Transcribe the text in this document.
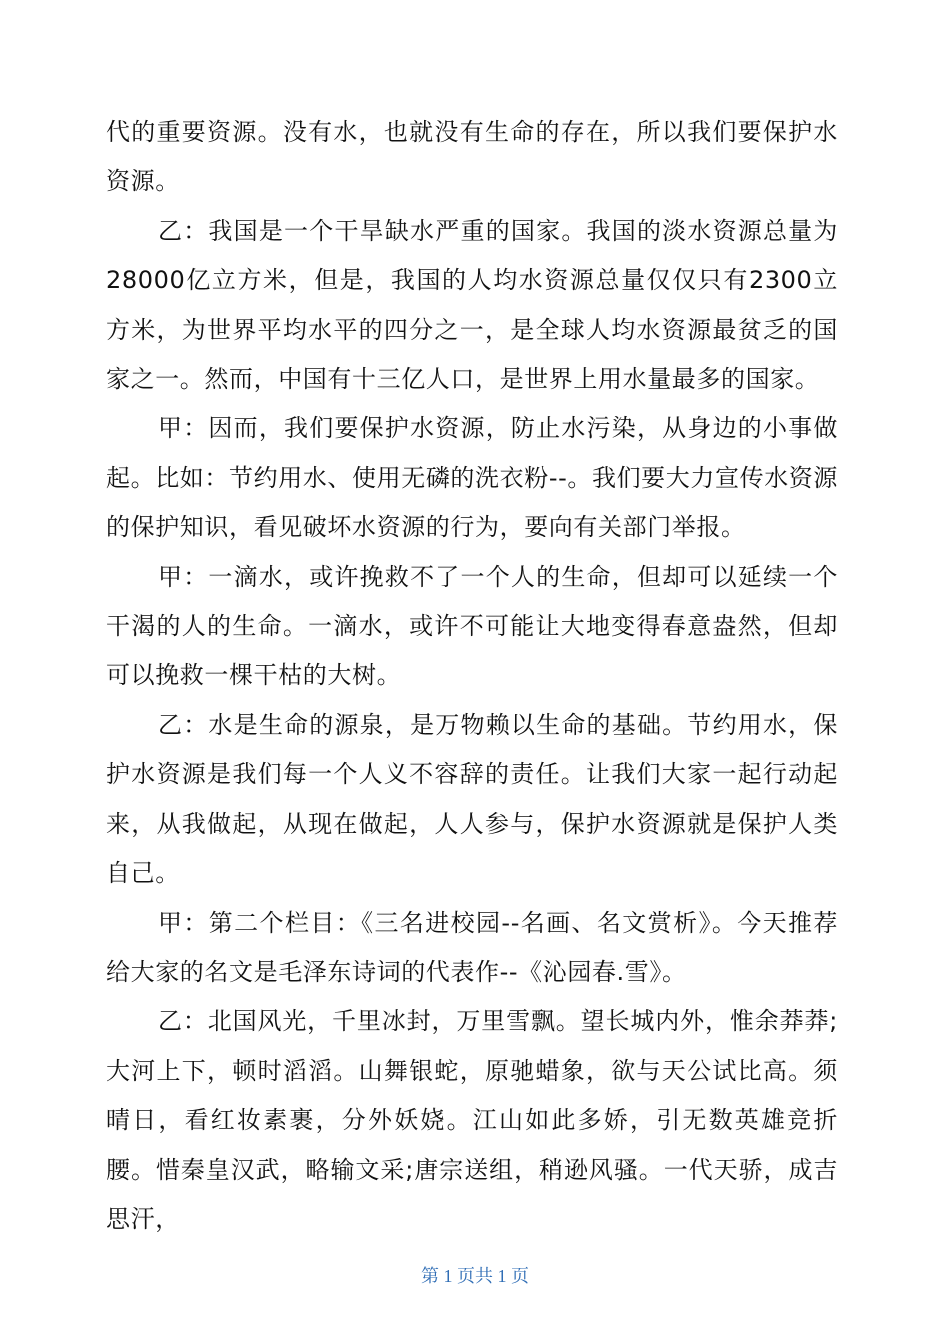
代的重要资源。没有水，也就没有生命的存在，所以我们要保护水资源。

乙：我国是一个干旱缺水严重的国家。我国的淡水资源总量为28000亿立方米，但是，我国的人均水资源总量仅仅只有2300立方米，为世界平均水平的四分之一，是全球人均水资源最贫乏的国家之一。然而，中国有十三亿人口，是世界上用水量最多的国家。

甲：因而，我们要保护水资源，防止水污染，从身边的小事做起。比如：节约用水、使用无磷的洗衣粉--。我们要大力宣传水资源的保护知识，看见破坏水资源的行为，要向有关部门举报。

甲：一滴水，或许挽救不了一个人的生命，但却可以延续一个干渴的人的生命。一滴水，或许不可能让大地变得春意盎然，但却可以挽救一棵干枯的大树。

乙：水是生命的源泉，是万物赖以生命的基础。节约用水，保护水资源是我们每一个人义不容辞的责任。让我们大家一起行动起来，从我做起，从现在做起，人人参与，保护水资源就是保护人类自己。

甲：第二个栏目：《三名进校园--名画、名文赏析》。今天推荐给大家的名文是毛泽东诗词的代表作--《沁园春.雪》。

乙：北国风光，千里冰封，万里雪飘。望长城内外，惟余莽莽;大河上下，顿时滔滔。山舞银蛇，原驰蜡象，欲与天公试比高。须晴日，看红妆素裹，分外妖娆。江山如此多娇，引无数英雄竞折腰。惜秦皇汉武，略输文采;唐宗送组，稍逊风骚。一代天骄，成吉思汗，

第 1 页共 1 页
